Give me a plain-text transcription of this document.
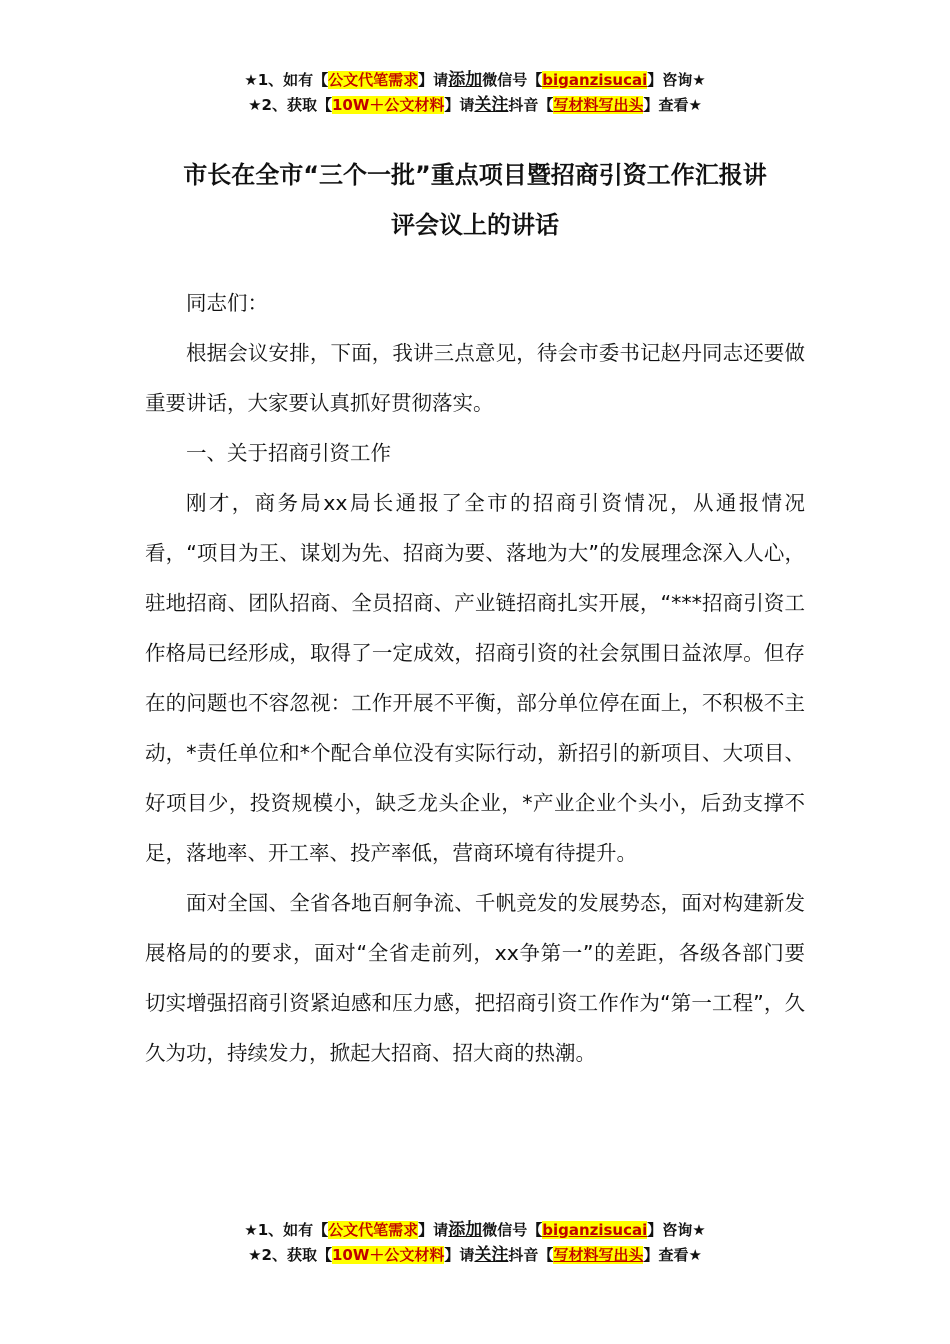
★1、如有【公文代笔需求】请添加微信号【biganzisucai】咨询★
★2、获取【10W＋公文材料】请关注抖音【写材料写出头】查看★
市长在全市“三个一批”重点项目暨招商引资工作汇报讲
评会议上的讲话

同志们：

根据会议安排，下面，我讲三点意见，待会市委书记赵丹同志还要做重要讲话，大家要认真抓好贯彻落实。

一、关于招商引资工作

刚才，商务局xx局长通报了全市的招商引资情况，从通报情况看，“项目为王、谋划为先、招商为要、落地为大”的发展理念深入人心，驻地招商、团队招商、全员招商、产业链招商扎实开展，“***招商引资工作格局已经形成，取得了一定成效，招商引资的社会氛围日益浓厚。但存在的问题也不容忽视：工作开展不平衡，部分单位停在面上，不积极不主动，*责任单位和*个配合单位没有实际行动，新招引的新项目、大项目、好项目少，投资规模小，缺乏龙头企业，*产业企业个头小，后劲支撑不足，落地率、开工率、投产率低，营商环境有待提升。

面对全国、全省各地百舸争流、千帆竞发的发展势态，面对构建新发展格局的的要求，面对“全省走前列，xx争第一”的差距，各级各部门要切实增强招商引资紧迫感和压力感，把招商引资工作作为“第一工程”，久久为功，持续发力，掀起大招商、招大商的热潮。

★1、如有【公文代笔需求】请添加微信号【biganzisucai】咨询★
★2、获取【10W＋公文材料】请关注抖音【写材料写出头】查看★
